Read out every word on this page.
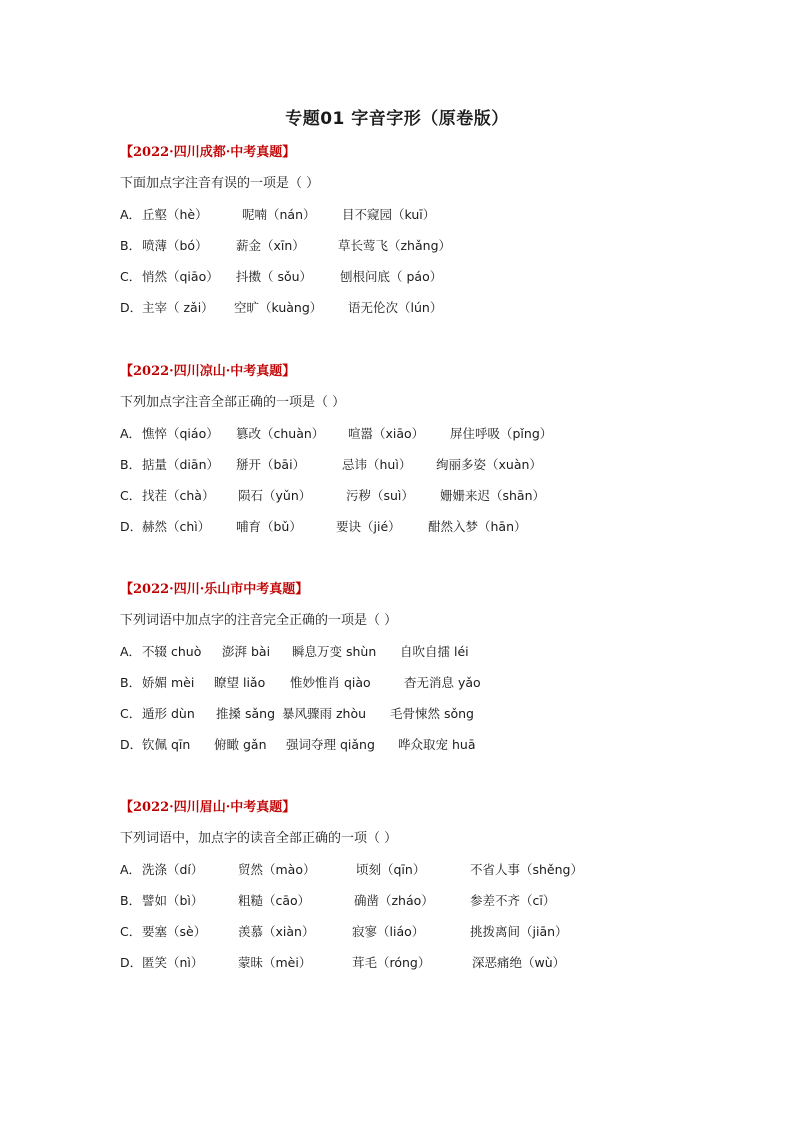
专题01 字音字形（原卷版）
【2022·四川成都·中考真题】
下面加点字注音有误的一项是（ ）
A． 丘壑（hè）	呢喃（nán） 目不窥园（kuī）
B． 喷薄（bó） 薪金（xīn）	草长莺飞（zhǎng）
C． 悄然（qiāo） 抖擞（ sǒu） 刨根问底（ páo）
D． 主宰（ zǎi） 空旷（kuàng） 语无伦次（lún）
【2022·四川凉山·中考真题】
下列加点字注音全部正确的一项是（ ）
A． 憔悴（qiáo） 篡改（chuàn） 喧嚣（xiāo） 屏住呼吸（pǐng）
B． 掂量（diān） 掰开（bāi）	忌讳（huì） 绚丽多姿（xuàn）
C． 找茬（chà） 陨石（yǔn）	污秽（suì） 姗姗来迟（shān）
D． 赫然（chì） 哺育（bǔ）	要诀（jié） 酣然入梦（hān）
【2022·四川·乐山市中考真题】
下列词语中加点字的注音完全正确的一项是（ ）
A． 不辍 chuò 澎湃 bài 瞬息万变 shùn 自吹自擂 léi
B． 娇媚 mèi 瞭望 liǎo 惟妙惟肖 qiào	杳无消息 yǎo
C． 遁形 dùn 推搡 sǎng 暴风骤雨 zhòu 毛骨悚然 sǒng
D． 钦佩 qīn 俯瞰 gǎn 强词夺理 qiǎng 哗众取宠 huā
【2022·四川眉山·中考真题】
下列词语中，加点字的读音全部正确的一项（ ）
A． 洗涤（dí）	贸然（mào）	顷刻（qīn）	不省人事（shěng）
B． 譬如（bì）	粗糙（cāo）	确凿（zháo）	参差不齐（cī）
C． 要塞（sè）	羡慕（xiàn）	寂寥（liáo）	挑拨离间（jiān）
D． 匿笑（nì）	蒙昧（mèi）	茸毛（róng）	深恶痛绝（wù）
